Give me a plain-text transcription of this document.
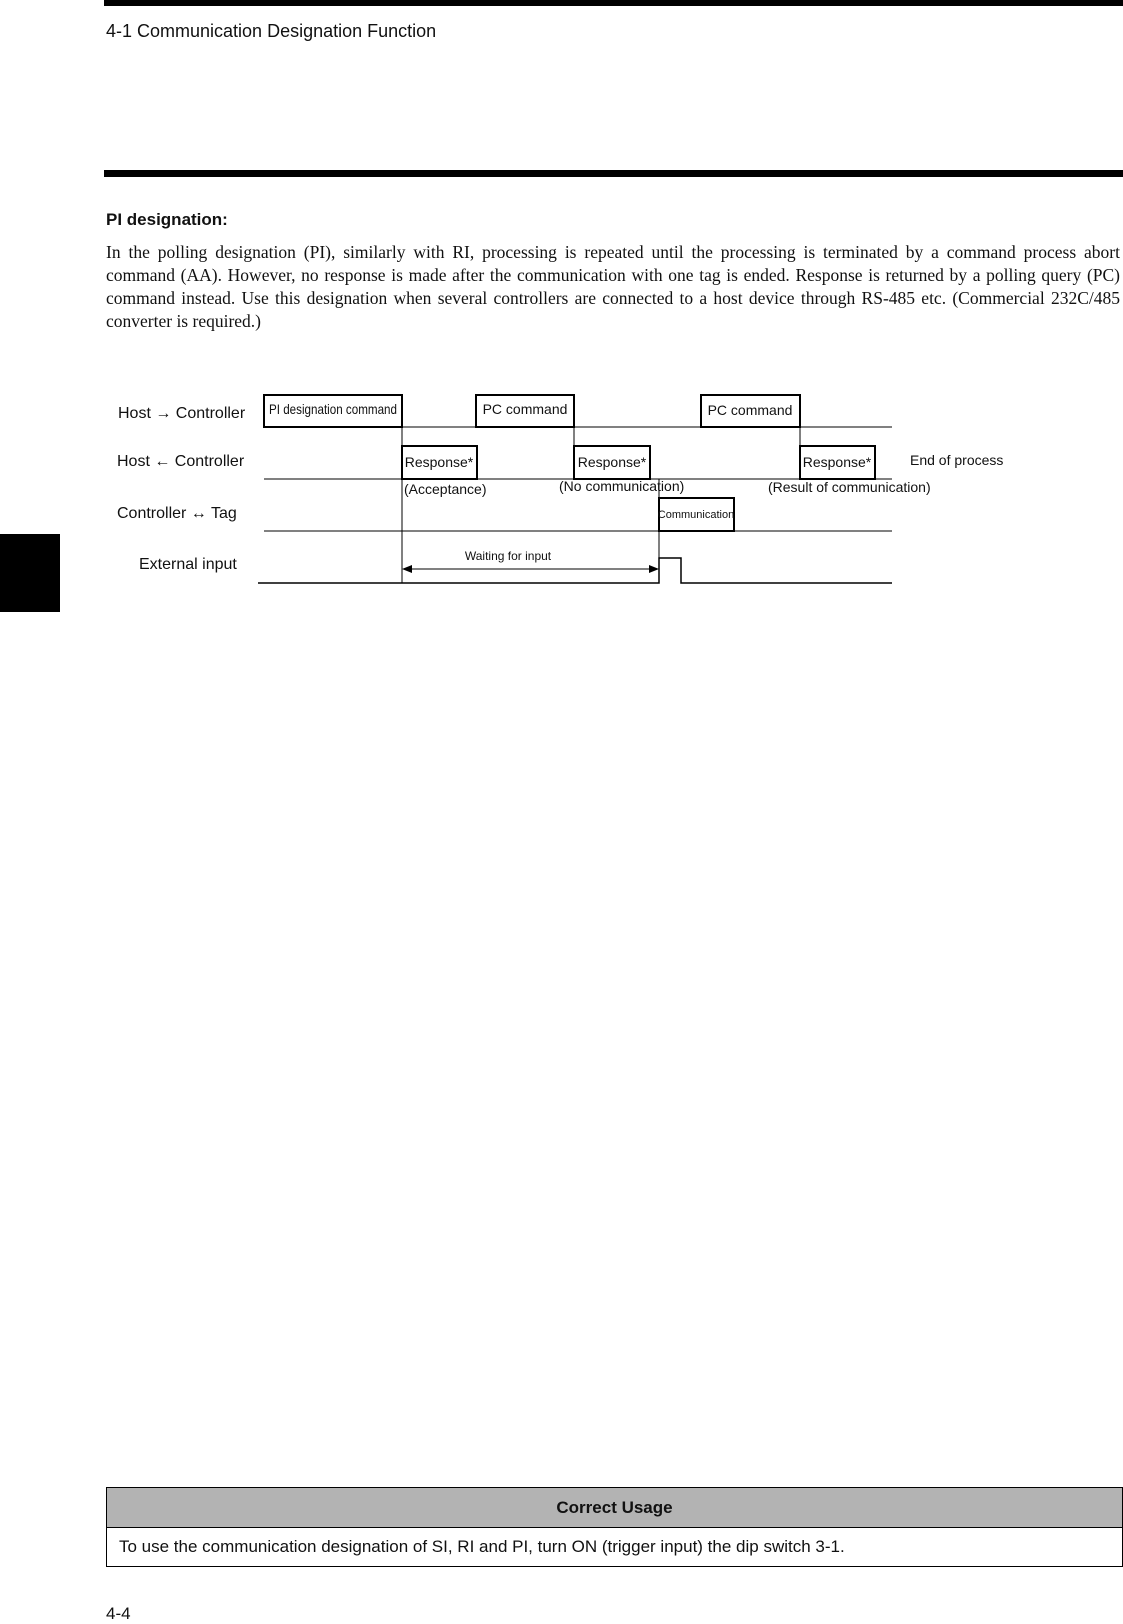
4-1 Communication Designation Function
PI designation:

In the polling designation (PI), similarly with RI, processing is repeated until the processing is terminated by a command process abort command (AA). However, no response is made after the communication with one tag is ended. Response is returned by a polling query (PC) command instead. Use this designation when several controllers are connected to a host device through RS-485 etc. (Commercial 232C/485 converter is required.)

Host → Controller
Host ← Controller
Controller ↔ Tag
External input
PI designation command	PC command	PC command
Response*	Response*	Response*
Communication
(Acceptance)	(No communication)	(Result of communication)
End of process
Waiting for input
Correct Usage
To use the communication designation of SI, RI and PI, turn ON (trigger input) the dip switch 3-1.
4-4
